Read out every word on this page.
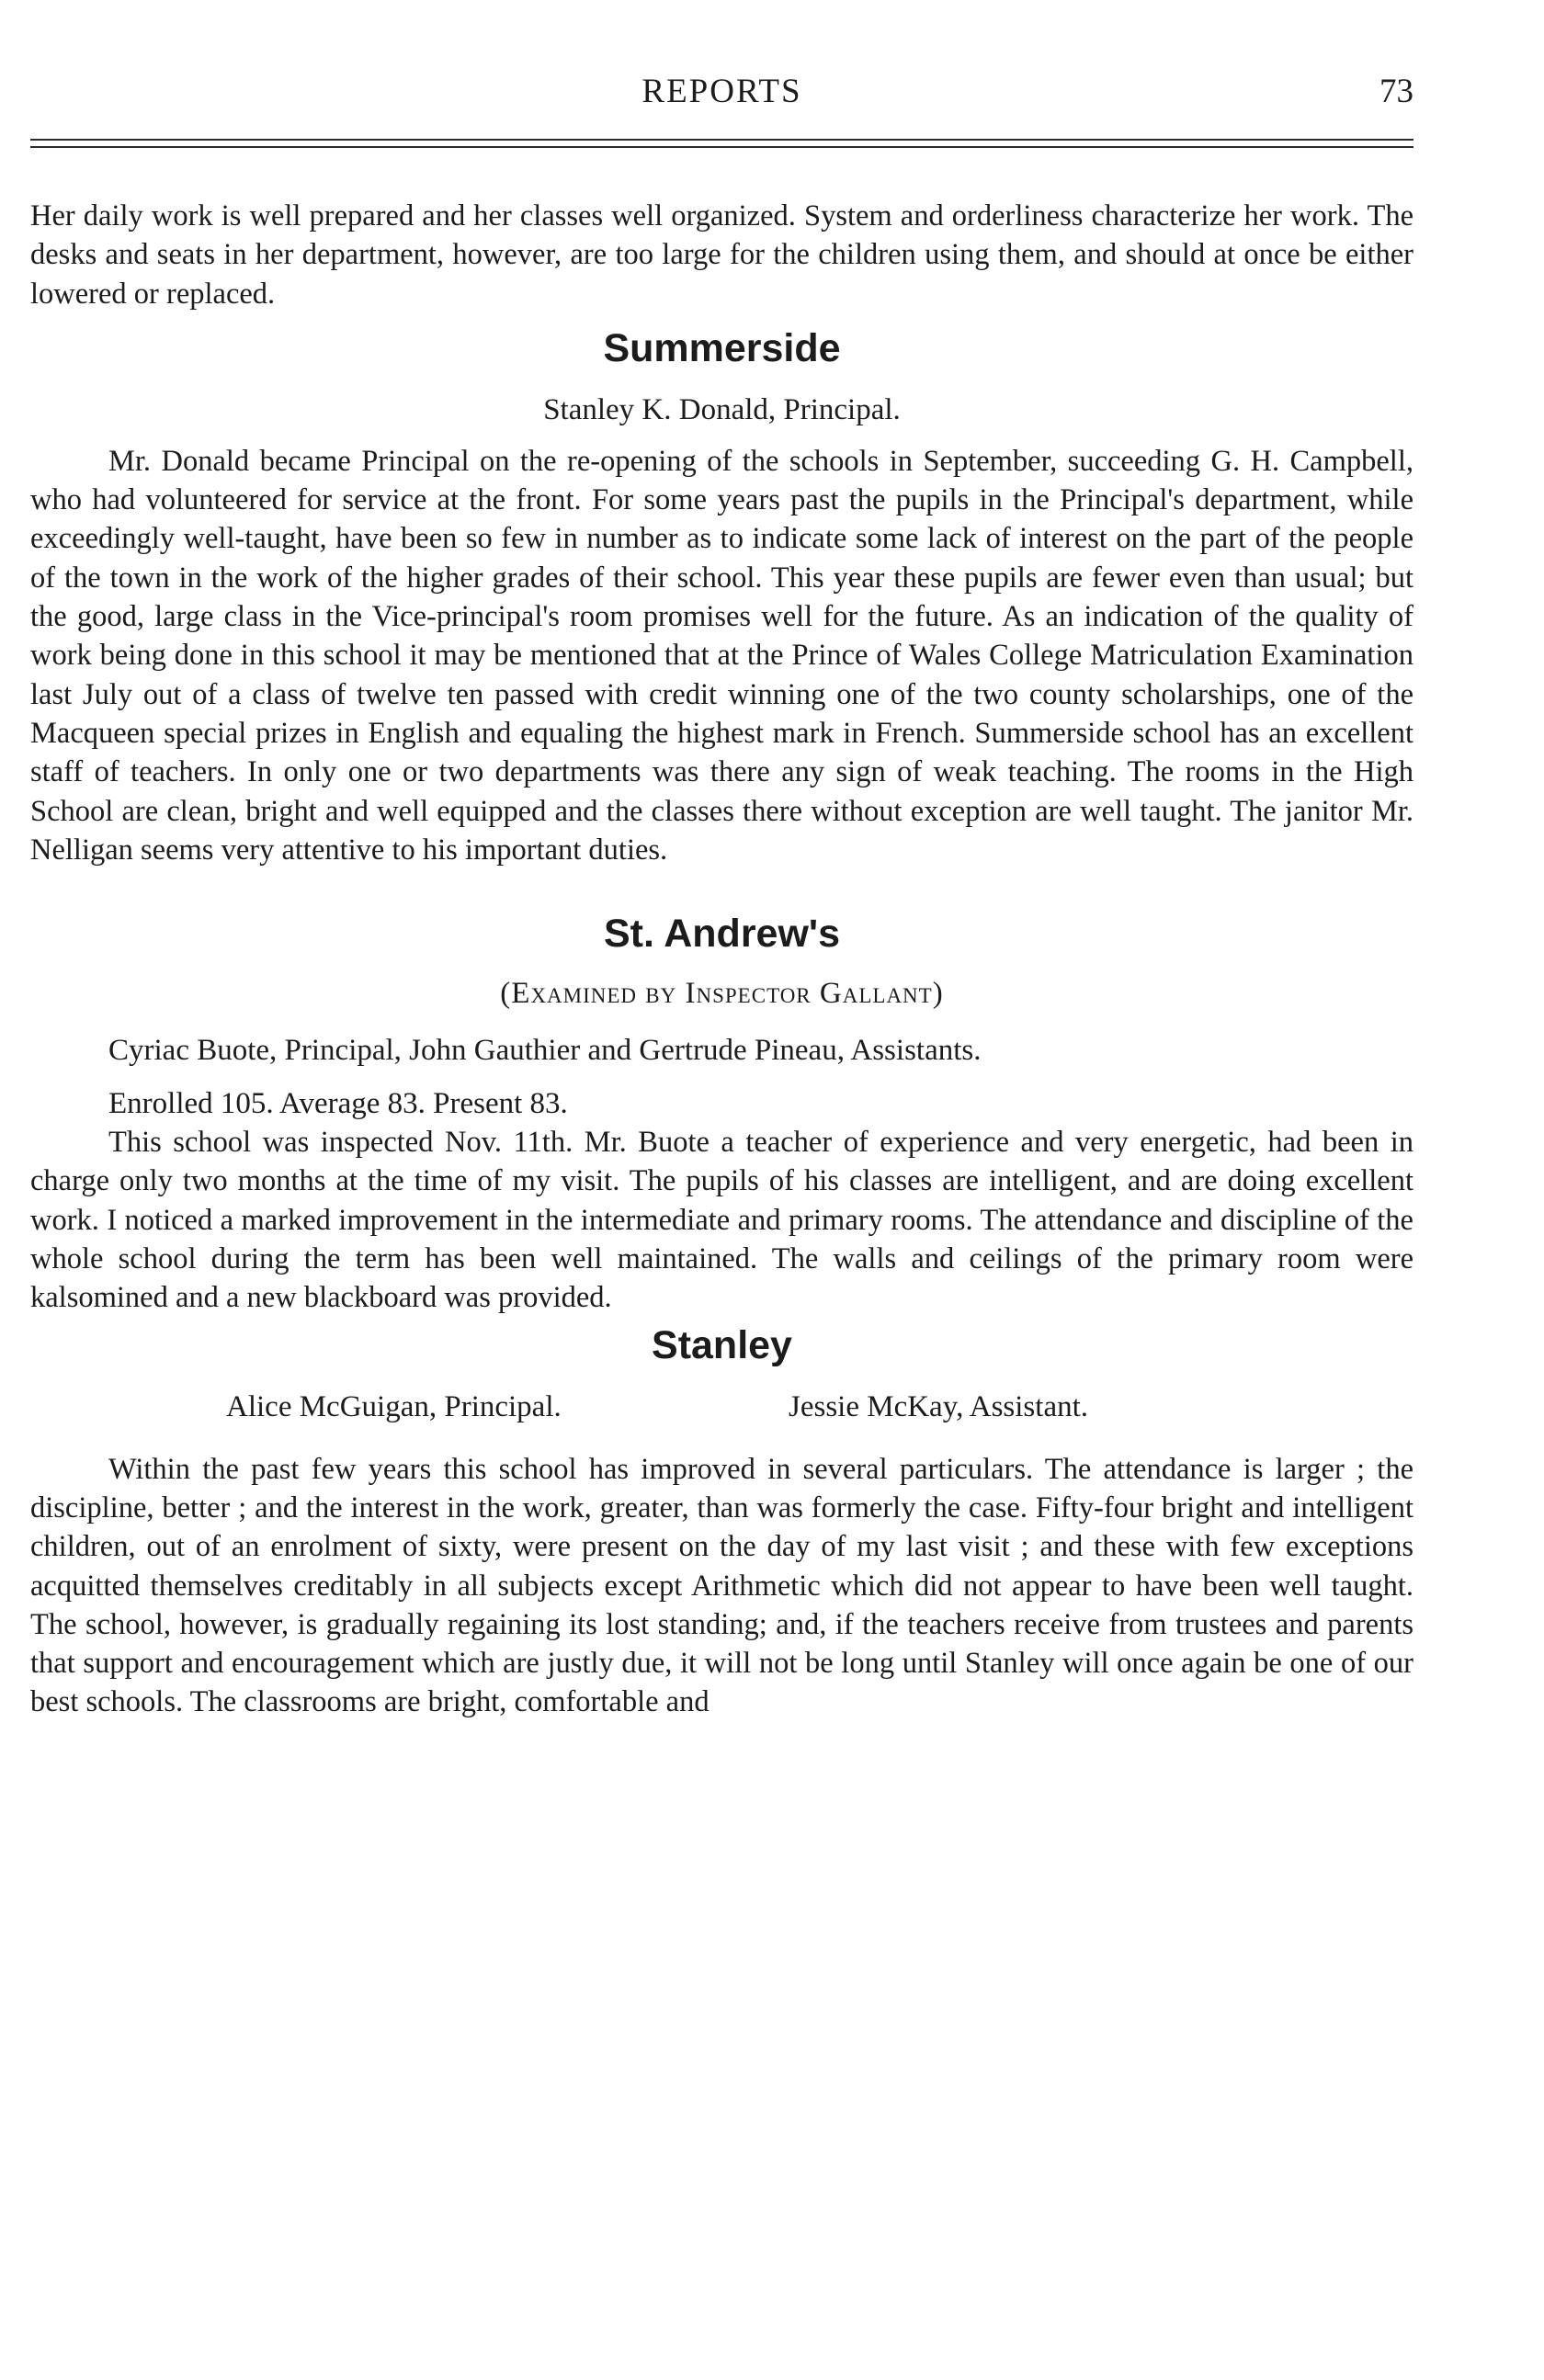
REPORTS	73

Her daily work is well prepared and her classes well organized. System and orderliness characterize her work. The desks and seats in her department, however, are too large for the children using them, and should at once be either lowered or replaced.

Summerside
Stanley K. Donald, Principal.

Mr. Donald became Principal on the re-opening of the schools in September, succeeding G. H. Campbell, who had volunteered for service at the front. For some years past the pupils in the Principal's department, while exceedingly well-taught, have been so few in number as to indicate some lack of interest on the part of the people of the town in the work of the higher grades of their school. This year these pupils are fewer even than usual; but the good, large class in the Vice-principal's room promises well for the future. As an indication of the quality of work being done in this school it may be mentioned that at the Prince of Wales College Matriculation Examination last July out of a class of twelve ten passed with credit winning one of the two county scholarships, one of the Macqueen special prizes in English and equaling the highest mark in French. Summerside school has an excellent staff of teachers. In only one or two departments was there any sign of weak teaching. The rooms in the High School are clean, bright and well equipped and the classes there without exception are well taught. The janitor Mr. Nelligan seems very attentive to his important duties.

St. Andrew's
(Examined by Inspector Gallant)
Cyriac Buote, Principal, John Gauthier and Gertrude Pineau, Assistants.
Enrolled 105. Average 83. Present 83.

This school was inspected Nov. 11th. Mr. Buote a teacher of experience and very energetic, had been in charge only two months at the time of my visit. The pupils of his classes are intelligent, and are doing excellent work. I noticed a marked improvement in the intermediate and primary rooms. The attendance and discipline of the whole school during the term has been well maintained. The walls and ceilings of the primary room were kalsomined and a new blackboard was provided.

Stanley
Alice McGuigan, Principal.	Jessie McKay, Assistant.

Within the past few years this school has improved in several particulars. The attendance is larger ; the discipline, better ; and the interest in the work, greater, than was formerly the case. Fifty-four bright and intelligent children, out of an enrolment of sixty, were present on the day of my last visit ; and these with few exceptions acquitted themselves creditably in all subjects except Arithmetic which did not appear to have been well taught. The school, however, is gradually regaining its lost standing; and, if the teachers receive from trustees and parents that support and encouragement which are justly due, it will not be long until Stanley will once again be one of our best schools. The classrooms are bright, comfortable and
